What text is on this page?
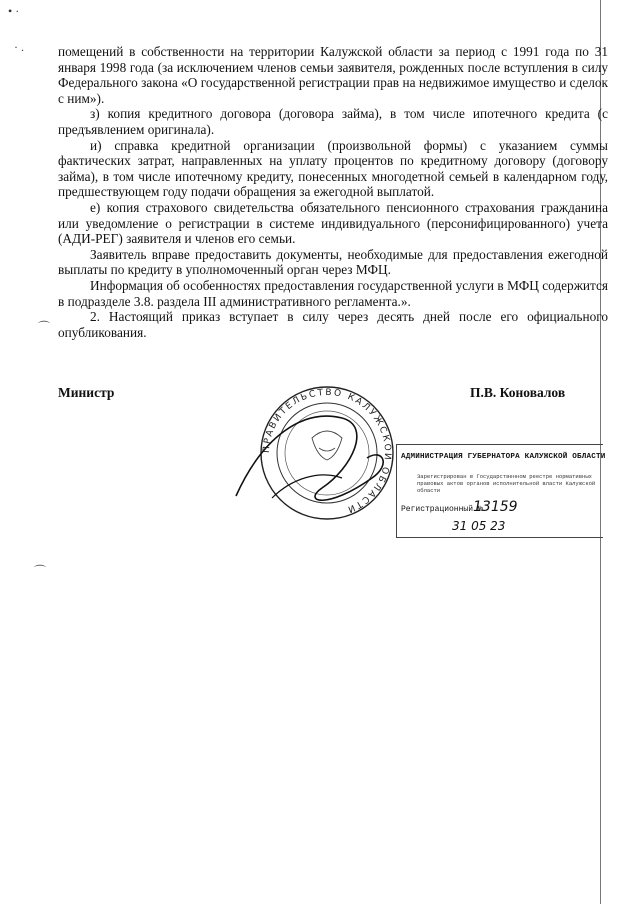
• ·
· .
⌒
⌒

помещений в собственности на территории Калужской области за период с 1991 года по 31 января 1998 года (за исключением членов семьи заявителя, рожденных после вступления в силу Федерального закона «О государственной регистрации прав на недвижимое имущество и сделок с ним»).

з) копия кредитного договора (договора займа), в том числе ипотечного кредита (с предъявлением оригинала).

и) справка кредитной организации (произвольной формы) с указанием суммы фактических затрат, направленных на уплату процентов по кредитному договору (договору займа), в том числе ипотечному кредиту, понесенных многодетной семьей в календарном году, предшествующем году подачи обращения за ежегодной выплатой.

е) копия страхового свидетельства обязательного пенсионного страхования гражданина или уведомление о регистрации в системе индивидуального (персонифицированного) учета (АДИ-РЕГ) заявителя и членов его семьи.

Заявитель вправе предоставить документы, необходимые для предоставления ежегодной выплаты по кредиту в уполномоченный орган через МФЦ.

Информация об особенностях предоставления государственной услуги в МФЦ содержится в подразделе 3.8. раздела III административного регламента.».

2. Настоящий приказ вступает в силу через десять дней после его официального опубликования.

Министр	П.В. Коновалов
ПРАВИТЕЛЬСТВО КАЛУЖСКОЙ ОБЛАСТИ
АДМИНИСТРАЦИЯ ГУБЕРНАТОРА КАЛУЖСКОЙ ОБЛАСТИ
Зарегистрирован в Государственном реестре нормативных правовых актов органов исполнительной власти Калужской области
Регистрационный №
13159
31 05 23
